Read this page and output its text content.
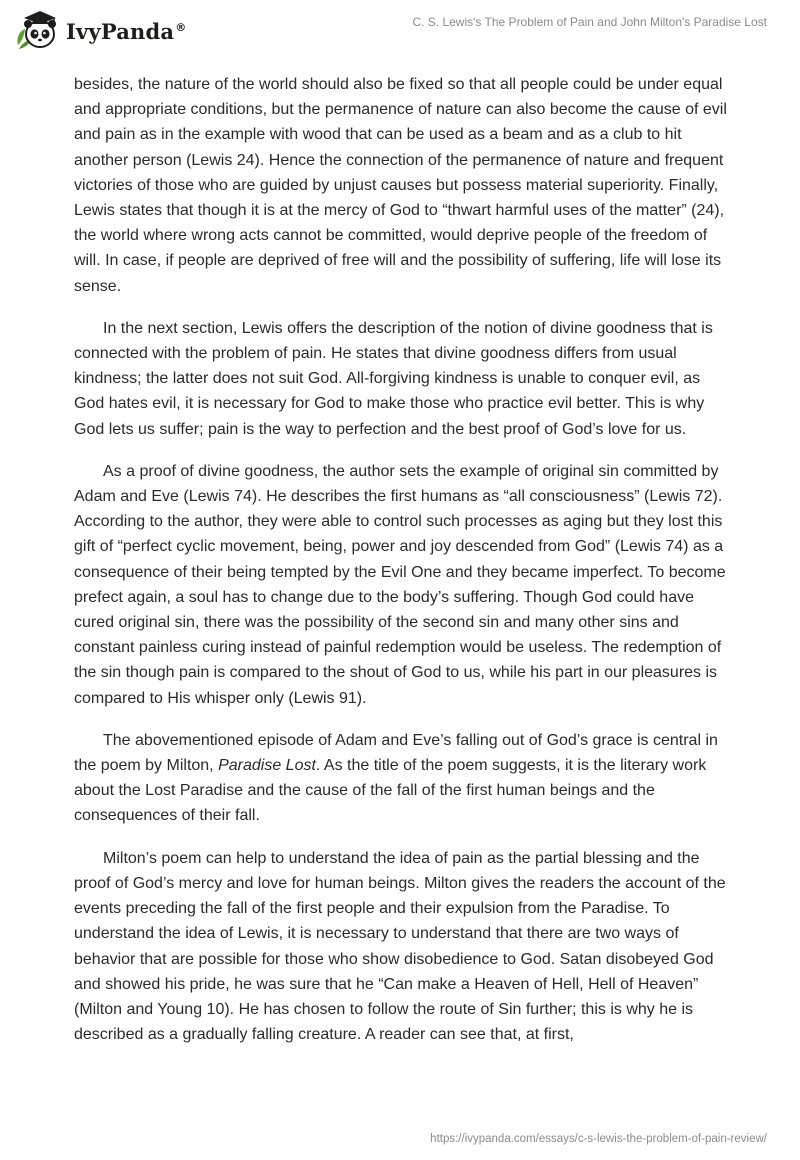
IvyPanda®	C. S. Lewis's The Problem of Pain and John Milton's Paradise Lost

besides, the nature of the world should also be fixed so that all people could be under equal and appropriate conditions, but the permanence of nature can also become the cause of evil and pain as in the example with wood that can be used as a beam and as a club to hit another person (Lewis 24). Hence the connection of the permanence of nature and frequent victories of those who are guided by unjust causes but possess material superiority. Finally, Lewis states that though it is at the mercy of God to “thwart harmful uses of the matter” (24), the world where wrong acts cannot be committed, would deprive people of the freedom of will. In case, if people are deprived of free will and the possibility of suffering, life will lose its sense.

In the next section, Lewis offers the description of the notion of divine goodness that is connected with the problem of pain. He states that divine goodness differs from usual kindness; the latter does not suit God. All-forgiving kindness is unable to conquer evil, as God hates evil, it is necessary for God to make those who practice evil better. This is why God lets us suffer; pain is the way to perfection and the best proof of God’s love for us.

As a proof of divine goodness, the author sets the example of original sin committed by Adam and Eve (Lewis 74). He describes the first humans as “all consciousness” (Lewis 72). According to the author, they were able to control such processes as aging but they lost this gift of “perfect cyclic movement, being, power and joy descended from God” (Lewis 74) as a consequence of their being tempted by the Evil One and they became imperfect. To become prefect again, a soul has to change due to the body’s suffering. Though God could have cured original sin, there was the possibility of the second sin and many other sins and constant painless curing instead of painful redemption would be useless. The redemption of the sin though pain is compared to the shout of God to us, while his part in our pleasures is compared to His whisper only (Lewis 91).

The abovementioned episode of Adam and Eve’s falling out of God’s grace is central in the poem by Milton, Paradise Lost. As the title of the poem suggests, it is the literary work about the Lost Paradise and the cause of the fall of the first human beings and the consequences of their fall.

Milton’s poem can help to understand the idea of pain as the partial blessing and the proof of God’s mercy and love for human beings. Milton gives the readers the account of the events preceding the fall of the first people and their expulsion from the Paradise. To understand the idea of Lewis, it is necessary to understand that there are two ways of behavior that are possible for those who show disobedience to God. Satan disobeyed God and showed his pride, he was sure that he “Can make a Heaven of Hell, Hell of Heaven” (Milton and Young 10). He has chosen to follow the route of Sin further; this is why he is described as a gradually falling creature. A reader can see that, at first,

https://ivypanda.com/essays/c-s-lewis-the-problem-of-pain-review/
